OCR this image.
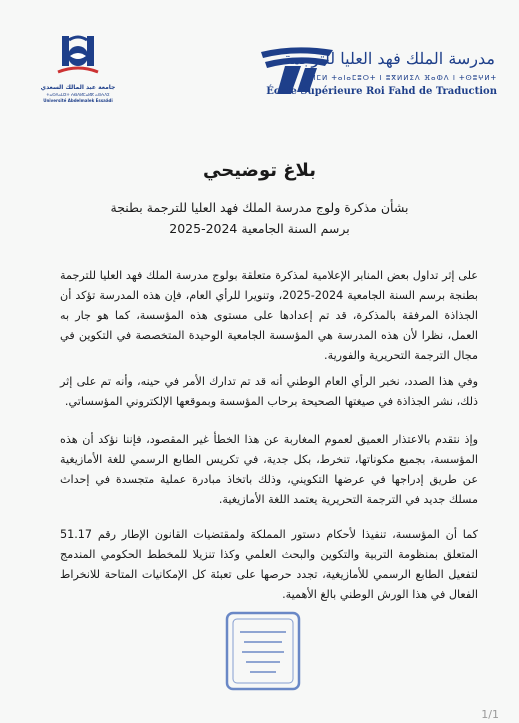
مدرسة الملك فهد العليا للترجمة
ⵜⵉⵏⵎⵍ ⵜⴰⵏⴰⵎⵓⵔⵜ ⵏ ⵓⴳⵍⵍⵉⴷ ⴼⴰⵀⴷ ⵏ ⵜⵙⵓⵖⵍⵜ
École Supérieure Roi Fahd de Traduction
جامعة عبد المالك السعدي
ⵜⴰⵙⴷⴰⵡⵉⵜ ⵄⴱⴷⵍⵎⴰⵍⴽ ⴰⵙⵄⴷⵉ
Université Abdelmalek Essaâdi
بلاغ توضيحي
بشأن مذكرة ولوج مدرسة الملك فهد العليا للترجمة بطنجة
برسم السنة الجامعية 2024-2025
على إثر تداول بعض المنابر الإعلامية لمذكرة متعلقة بولوج مدرسة الملك فهد العليا للترجمة بطنجة برسم السنة الجامعية 2024-2025، وتنويرا للرأي العام، فإن هذه المدرسة تؤكد أن الجذاذة المرفقة بالمذكرة، قد تم إعدادها على مستوى هذه المؤسسة، كما هو جار به العمل، نظرا لأن هذه المدرسة هي المؤسسة الجامعية الوحيدة المتخصصة في التكوين في مجال الترجمة التحريرية والفورية.
وفي هذا الصدد، نخبر الرأي العام الوطني أنه قد تم تدارك الأمر في حينه، وأنه تم على إثر ذلك، نشر الجذاذة في صيغتها الصحيحة برحاب المؤسسة وبموقعها الإلكتروني المؤسساتي.
وإذ نتقدم بالاعتذار العميق لعموم المغاربة عن هذا الخطأ غير المقصود، فإننا نؤكد أن هذه المؤسسة، بجميع مكوناتها، تنخرط، بكل جدية، في تكريس الطابع الرسمي للغة الأمازيغية عن طريق إدراجها في عرضها التكويني، وذلك باتخاذ مبادرة عملية متجسدة في إحداث مسلك جديد في الترجمة التحريرية يعتمد اللغة الأمازيغية.
كما أن المؤسسة، تنفيذا لأحكام دستور المملكة ولمقتضيات القانون الإطار رقم 51.17 المتعلق بمنظومة التربية والتكوين والبحث العلمي وكذا تنزيلا للمخطط الحكومي المندمج لتفعيل الطابع الرسمي للأمازيغية، تجدد حرصها على تعبئة كل الإمكانيات المتاحة للانخراط الفعال في هذا الورش الوطني بالغ الأهمية.
1/1
